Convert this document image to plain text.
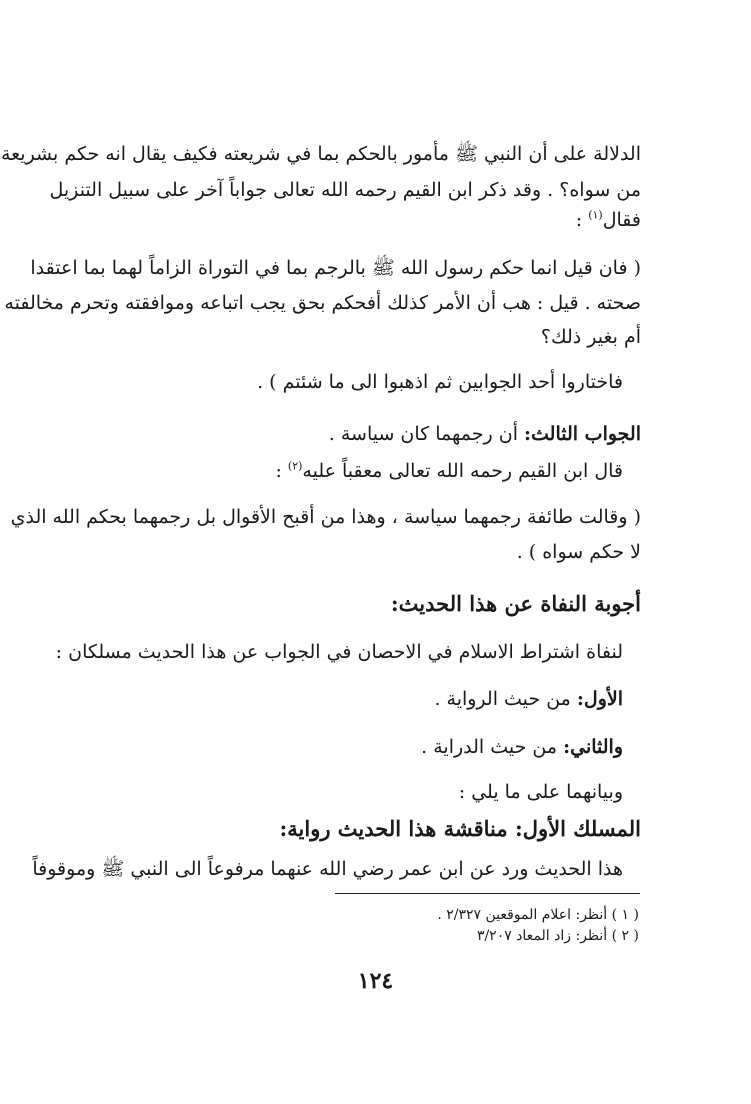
الدلالة على أن النبي ﷺ مأمور بالحكم بما في شريعته فكيف يقال انه حكم بشريعة
من سواه؟ . وقد ذكر ابن القيم رحمه الله تعالى جواباً آخر على سبيل التنزيل
فقال$^{(١)}$ :
( فان قيل انما حكم رسول الله ﷺ بالرجم بما في التوراة الزاماً لهما بما اعتقدا
صحته . قيل : هب أن الأمر كذلك أفحكم بحق يجب اتباعه وموافقته وتحرم مخالفته
أم بغير ذلك؟
فاختاروا أحد الجوابين ثم اذهبوا الى ما شئتم ) .
الجواب الثالث: أن رجمهما كان سياسة .
قال ابن القيم رحمه الله تعالى معقباً عليه$^{(٢)}$ :
( وقالت طائفة رجمهما سياسة ، وهذا من أقبح الأقوال بل رجمهما بحكم الله الذي
لا حكم سواه ) .
أجوبة النفاة عن هذا الحديث:
لنفاة اشتراط الاسلام في الاحصان في الجواب عن هذا الحديث مسلكان :
الأول: من حيث الرواية .
والثاني: من حيث الدراية .
وبيانهما على ما يلي :
المسلك الأول: مناقشة هذا الحديث رواية:
هذا الحديث ورد عن ابن عمر رضي الله عنهما مرفوعاً الى النبي ﷺ وموقوفاً
( ١ ) أنظر: اعلام الموقعين ٢/٣٢٧ .
( ٢ ) أنظر: زاد المعاد ٣/٢٠٧
١٢٤
